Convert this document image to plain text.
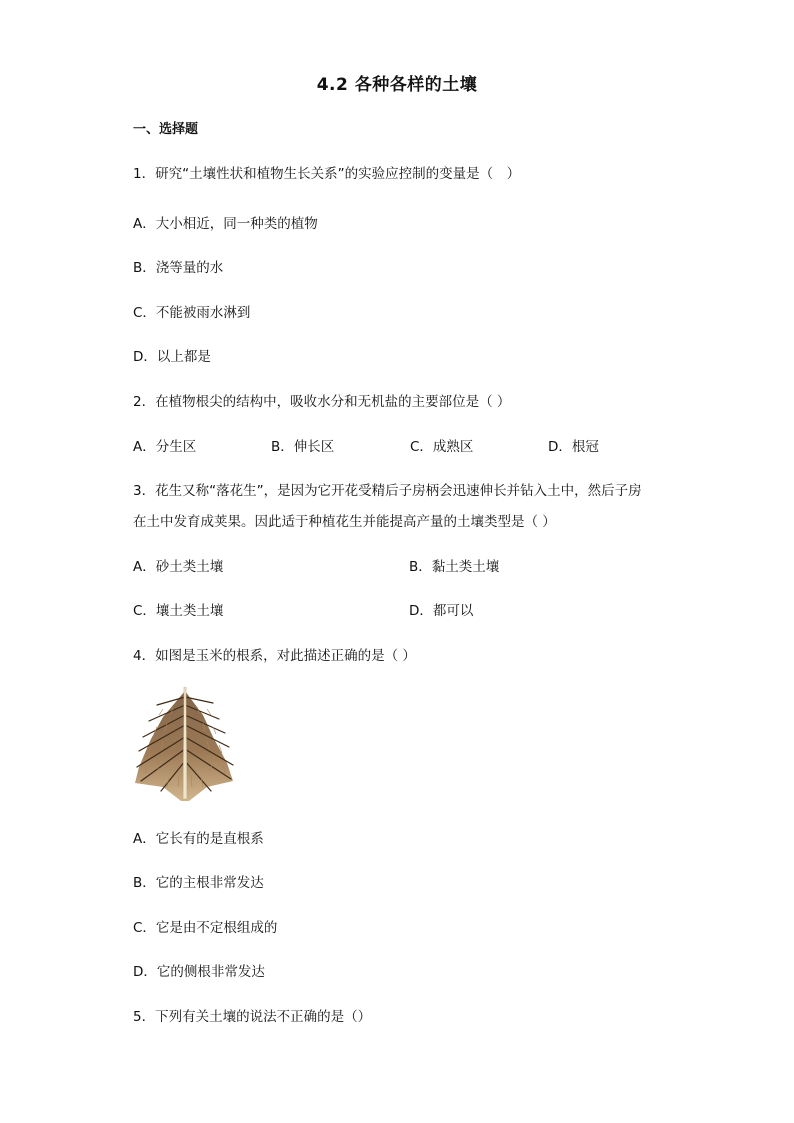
4.2 各种各样的土壤
一、选择题
1．研究“土壤性状和植物生长关系”的实验应控制的变量是（　）
A．大小相近，同一种类的植物
B．浇等量的水
C．不能被雨水淋到
D．以上都是
2．在植物根尖的结构中，吸收水分和无机盐的主要部位是（ ）
A．分生区	B．伸长区	C．成熟区	D．根冠
3．花生又称“落花生”，是因为它开花受精后子房柄会迅速伸长并钻入土中，然后子房
在土中发育成荚果。因此适于种植花生并能提高产量的土壤类型是（ ）
A．砂土类土壤	B．黏土类土壤
C．壤土类土壤	D．都可以
4．如图是玉米的根系，对此描述正确的是（ ）
A．它长有的是直根系
B．它的主根非常发达
C．它是由不定根组成的
D．它的侧根非常发达
5．下列有关土壤的说法不正确的是（）
